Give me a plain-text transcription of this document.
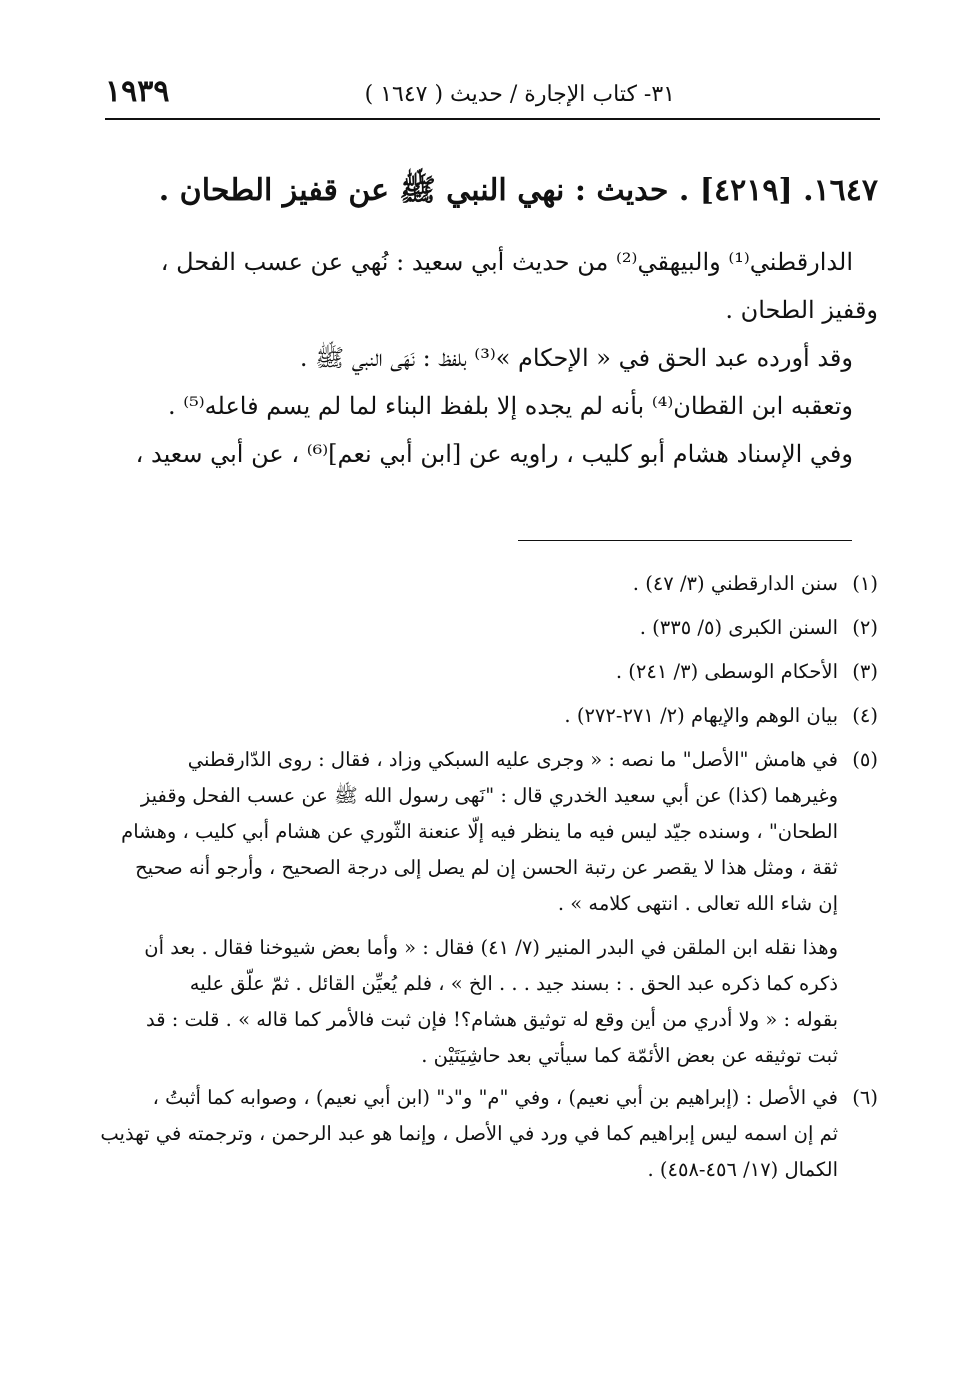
٣١- كتاب الإجارة / حديث ( ١٦٤٧ )
١٩٣٩
١٦٤٧. [٤٢١٩] . حديث : نهي النبي ﷺ عن قفيز الطحان .

الدارقطني⁽¹⁾ والبيهقي⁽²⁾ من حديث أبي سعيد : نُهي عن عسب الفحل ،

وقفيز الطحان .

وقد أورده عبد الحق في « الإحكام »⁽³⁾ بلفظ : نَهَى النبي ﷺ .

وتعقبه ابن القطان⁽⁴⁾ بأنه لم يجده إلا بلفظ البناء لما لم يسم فاعله⁽⁵⁾ .

وفي الإسناد هشام أبو كليب ، راويه عن [ابن أبي نعم]⁽⁶⁾ ، عن أبي سعيد ،

(١)

سنن الدارقطني (٣/ ٤٧) .

(٢)

السنن الكبرى (٥/ ٣٣٥) .

(٣)

الأحكام الوسطى (٣/ ٢٤١) .

(٤)

بيان الوهم والإيهام (٢/ ٢٧١-٢٧٢) .

(٥)

في هامش "الأصل" ما نصه : « وجرى عليه السبكي وزاد ، فقال : روى الدّارقطني

وغيرهما (كذا) عن أبي سعيد الخدري قال : "نَهى رسول الله ﷺ عن عسب الفحل وقفيز

الطحان" ، وسنده جيّد ليس فيه ما ينظر فيه إلّا عنعنة الثّوري عن هشام أبي كليب ، وهشام

ثقة ، ومثل هذا لا يقصر عن رتبة الحسن إن لم يصل إلى درجة الصحيح ، وأرجو أنه صحيح

إن شاء الله تعالى . انتهى كلامه » .

وهذا نقله ابن الملقن في البدر المنير (٧/ ٤١) فقال : « وأما بعض شيوخنا فقال . بعد أن

ذكره كما ذكره عبد الحق . : بسند جيد . . . الخ » ، فلم يُعيِّن القائل . ثمّ علّق عليه

بقوله : « ولا أدري من أين وقع له توثيق هشام؟! فإن ثبت فالأمر كما قاله » . قلت : قد

ثبت توثيقه عن بعض الأئمّة كما سيأتي بعد حاشِيَتَيْن .

(٦)

في الأصل : (إبراهيم بن أبي نعيم) ، وفي "م" و"د" (ابن أبي نعيم) ، وصوابه كما أثبتُ ،

ثم إن اسمه ليس إبراهيم كما في ورد في الأصل ، وإنما هو عبد الرحمن ، وترجمته في تهذيب

الكمال (١٧/ ٤٥٦-٤٥٨) .
